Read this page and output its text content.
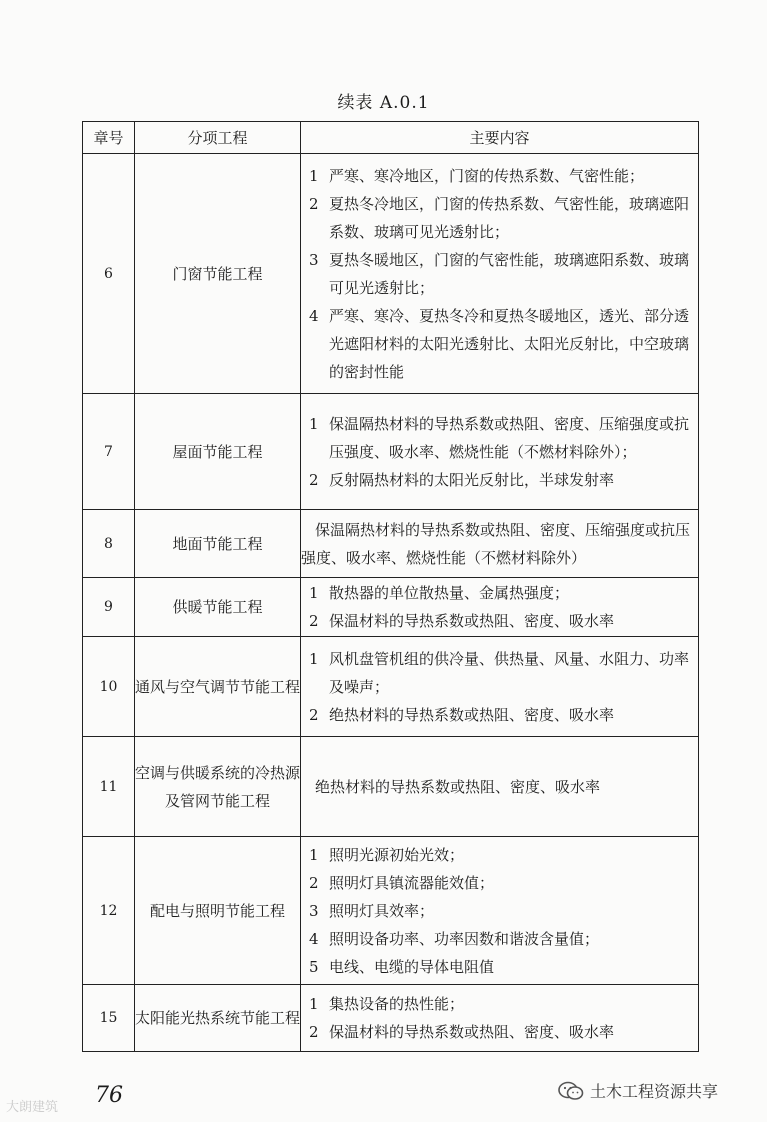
续表 A.0.1
章号	分项工程	主要内容
6	门窗节能工程	1 严寒、寒冷地区，门窗的传热系数、气密性能；
2 夏热冬冷地区，门窗的传热系数、气密性能，玻璃遮阳系数、玻璃可见光透射比；
3 夏热冬暖地区，门窗的气密性能，玻璃遮阳系数、玻璃可见光透射比；
4 严寒、寒冷、夏热冬冷和夏热冬暖地区，透光、部分透光遮阳材料的太阳光透射比、太阳光反射比，中空玻璃的密封性能

7	屋面节能工程	1 保温隔热材料的导热系数或热阻、密度、压缩强度或抗压强度、吸水率、燃烧性能（不燃材料除外）；
2 反射隔热材料的太阳光反射比，半球发射率

8	地面节能工程	保温隔热材料的导热系数或热阻、密度、压缩强度或抗压强度、吸水率、燃烧性能（不燃材料除外）

9	供暖节能工程	1 散热器的单位散热量、金属热强度；
2 保温材料的导热系数或热阻、密度、吸水率

10	通风与空气调节节能工程	1 风机盘管机组的供冷量、供热量、风量、水阻力、功率及噪声；
2 绝热材料的导热系数或热阻、密度、吸水率

11	空调与供暖系统的冷热源及管网节能工程	绝热材料的导热系数或热阻、密度、吸水率

12	配电与照明节能工程	1 照明光源初始光效；
2 照明灯具镇流器能效值；
3 照明灯具效率；
4 照明设备功率、功率因数和谐波含量值；
5 电线、电缆的导体电阻值

15	太阳能光热系统节能工程	1 集热设备的热性能；
2 保温材料的导热系数或热阻、密度、吸水率
76
大朗建筑
土木工程资源共享
